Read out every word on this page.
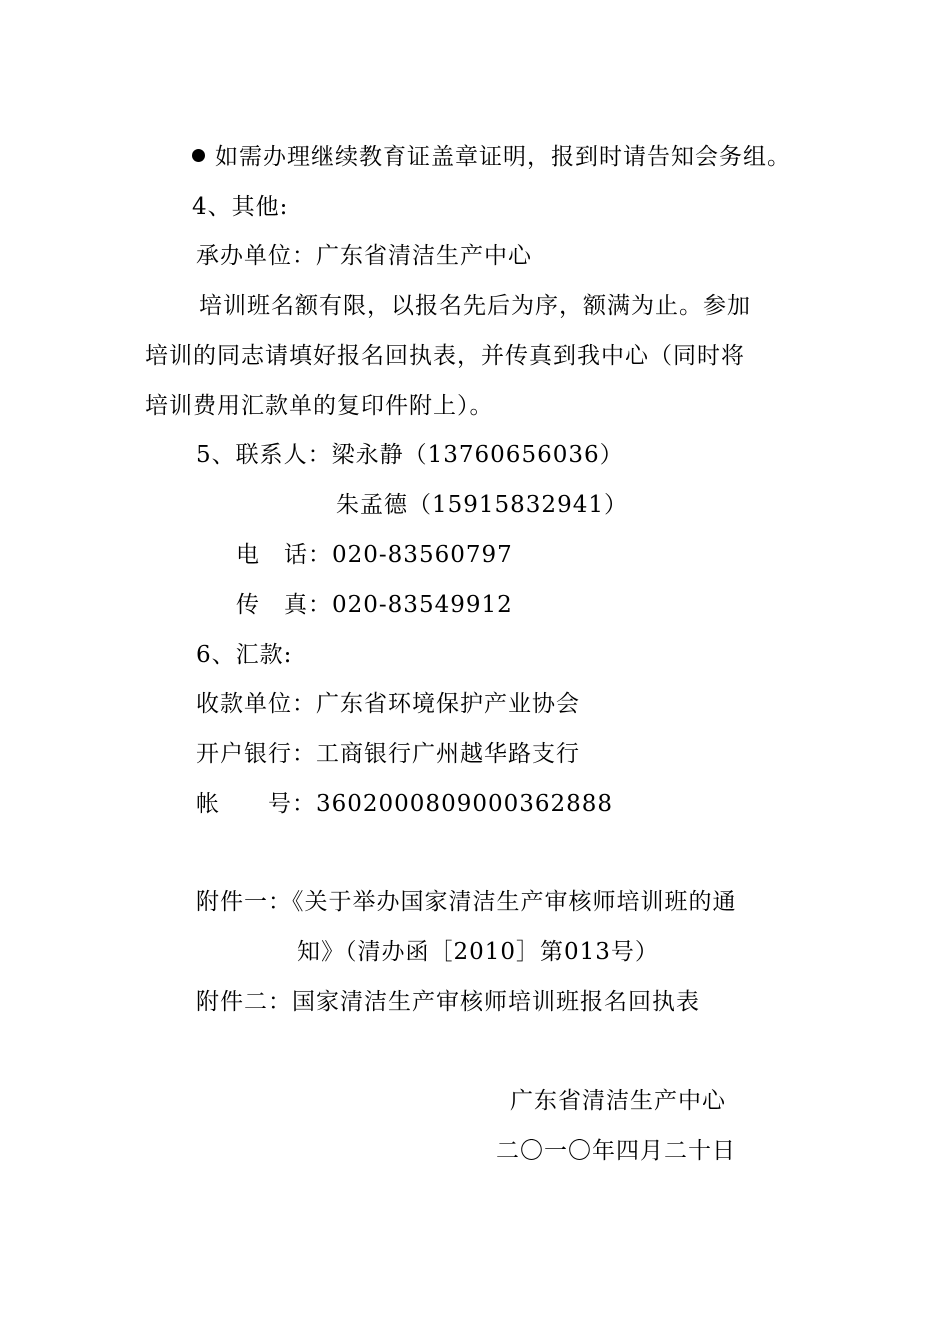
如需办理继续教育证盖章证明，报到时请告知会务组。
4、其他:
承办单位：广东省清洁生产中心
培训班名额有限，以报名先后为序，额满为止。参加
培训的同志请填好报名回执表，并传真到我中心（同时将
培训费用汇款单的复印件附上）。
5、联系人：梁永静（13760656036）
朱孟德（15915832941）
电　话：020-83560797
传　真：020-83549912
6、汇款:
收款单位：广东省环境保护产业协会
开户银行：工商银行广州越华路支行
帐　　号：3602000809000362888
附件一：《关于举办国家清洁生产审核师培训班的通
知》（清办函［2010］第013号）
附件二：国家清洁生产审核师培训班报名回执表
广东省清洁生产中心
二〇一〇年四月二十日
